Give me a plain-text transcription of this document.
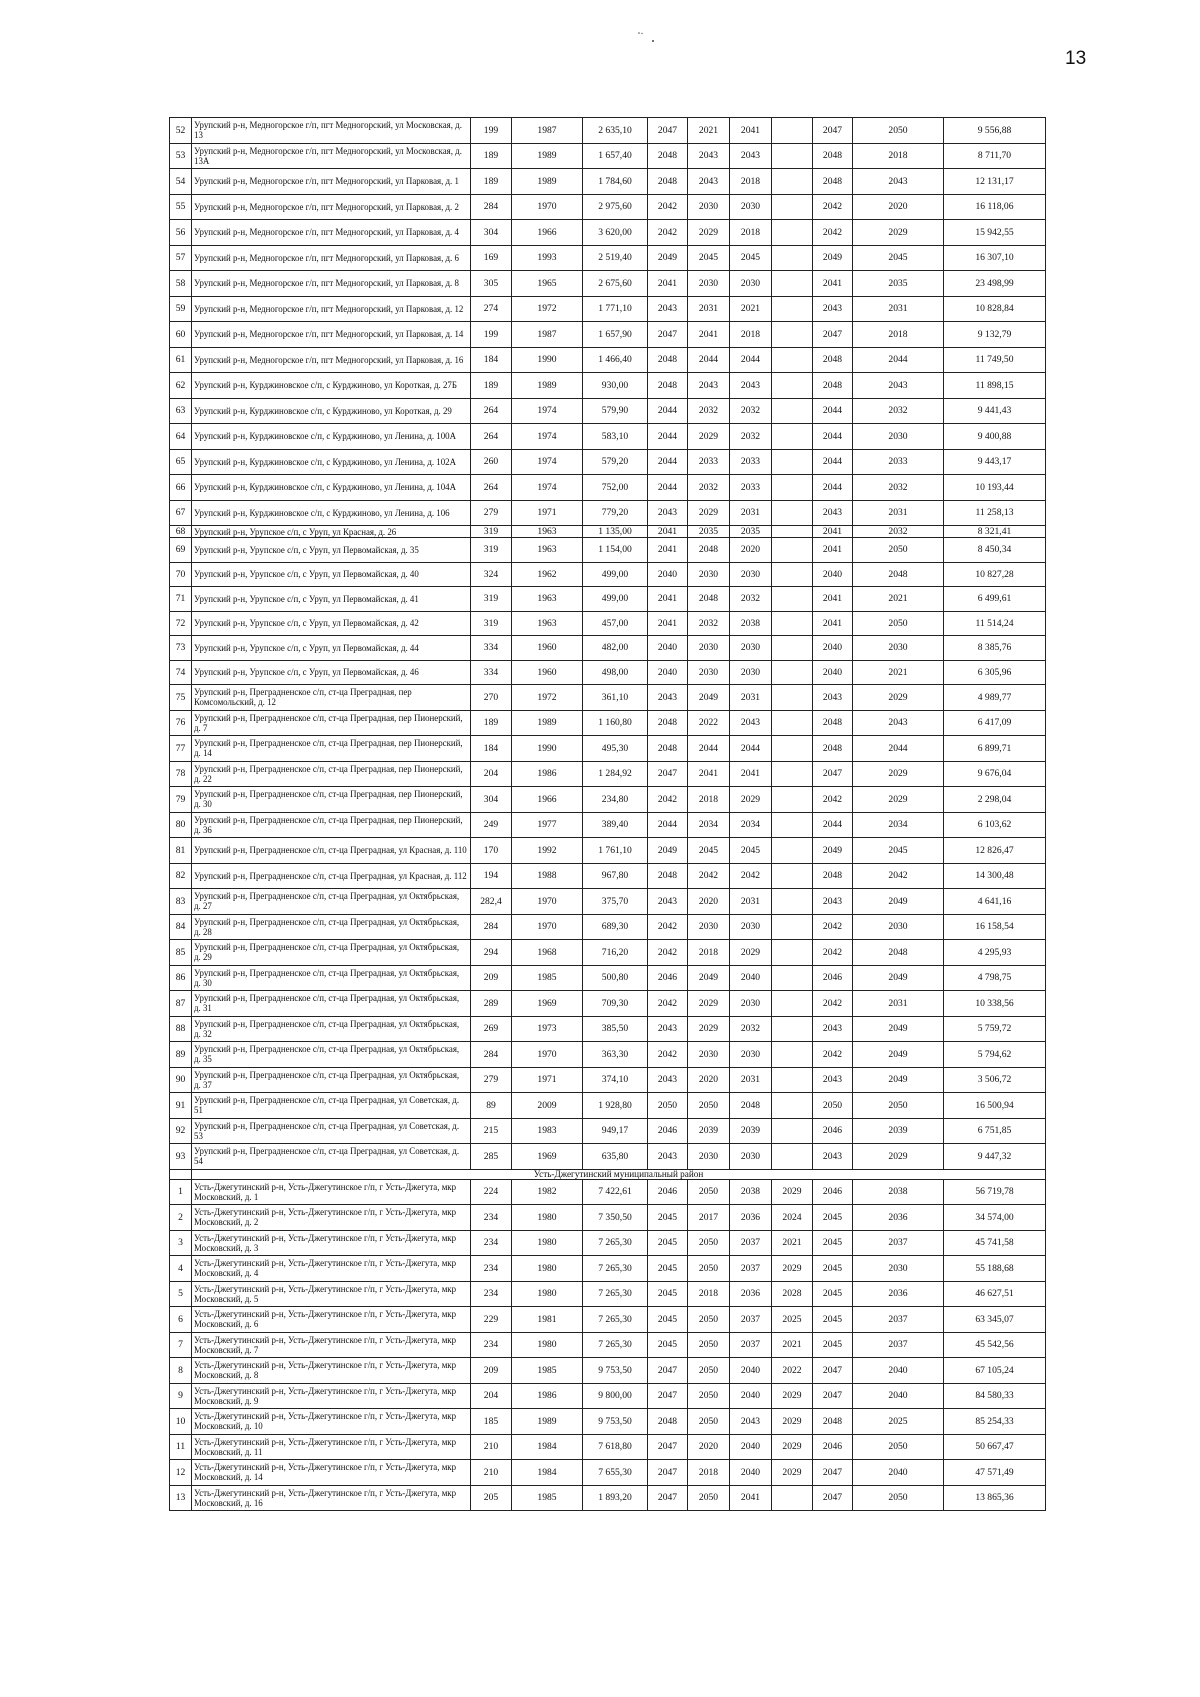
13
52	Урупский р-н, Медногорское г/п, пгт Медногорский, ул Московская, д. 13	199	1987	2 635,10	2047	2021	2041		2047	2050	9 556,88
53	Урупский р-н, Медногорское г/п, пгт Медногорский, ул Московская, д. 13А	189	1989	1 657,40	2048	2043	2043		2048	2018	8 711,70
54	Урупский р-н, Медногорское г/п, пгт Медногорский, ул Парковая, д. 1	189	1989	1 784,60	2048	2043	2018		2048	2043	12 131,17
55	Урупский р-н, Медногорское г/п, пгт Медногорский, ул Парковая, д. 2	284	1970	2 975,60	2042	2030	2030		2042	2020	16 118,06
56	Урупский р-н, Медногорское г/п, пгт Медногорский, ул Парковая, д. 4	304	1966	3 620,00	2042	2029	2018		2042	2029	15 942,55
57	Урупский р-н, Медногорское г/п, пгт Медногорский, ул Парковая, д. 6	169	1993	2 519,40	2049	2045	2045		2049	2045	16 307,10
58	Урупский р-н, Медногорское г/п, пгт Медногорский, ул Парковая, д. 8	305	1965	2 675,60	2041	2030	2030		2041	2035	23 498,99
59	Урупский р-н, Медногорское г/п, пгт Медногорский, ул Парковая, д. 12	274	1972	1 771,10	2043	2031	2021		2043	2031	10 828,84
60	Урупский р-н, Медногорское г/п, пгт Медногорский, ул Парковая, д. 14	199	1987	1 657,90	2047	2041	2018		2047	2018	9 132,79
61	Урупский р-н, Медногорское г/п, пгт Медногорский, ул Парковая, д. 16	184	1990	1 466,40	2048	2044	2044		2048	2044	11 749,50
62	Урупский р-н, Курджиновское с/п, с Курджиново, ул Короткая, д. 27Б	189	1989	930,00	2048	2043	2043		2048	2043	11 898,15
63	Урупский р-н, Курджиновское с/п, с Курджиново, ул Короткая, д. 29	264	1974	579,90	2044	2032	2032		2044	2032	9 441,43
64	Урупский р-н, Курджиновское с/п, с Курджиново, ул Ленина, д. 100А	264	1974	583,10	2044	2029	2032		2044	2030	9 400,88
65	Урупский р-н, Курджиновское с/п, с Курджиново, ул Ленина, д. 102А	260	1974	579,20	2044	2033	2033		2044	2033	9 443,17
66	Урупский р-н, Курджиновское с/п, с Курджиново, ул Ленина, д. 104А	264	1974	752,00	2044	2032	2033		2044	2032	10 193,44
67	Урупский р-н, Курджиновское с/п, с Курджиново, ул Ленина, д. 106	279	1971	779,20	2043	2029	2031		2043	2031	11 258,13
68	Урупский р-н, Урупское с/п, с Уруп, ул Красная, д. 26	319	1963	1 135,00	2041	2035	2035		2041	2032	8 321,41
69	Урупский р-н, Урупское с/п, с Уруп, ул Первомайская, д. 35	319	1963	1 154,00	2041	2048	2020		2041	2050	8 450,34
70	Урупский р-н, Урупское с/п, с Уруп, ул Первомайская, д. 40	324	1962	499,00	2040	2030	2030		2040	2048	10 827,28
71	Урупский р-н, Урупское с/п, с Уруп, ул Первомайская, д. 41	319	1963	499,00	2041	2048	2032		2041	2021	6 499,61
72	Урупский р-н, Урупское с/п, с Уруп, ул Первомайская, д. 42	319	1963	457,00	2041	2032	2038		2041	2050	11 514,24
73	Урупский р-н, Урупское с/п, с Уруп, ул Первомайская, д. 44	334	1960	482,00	2040	2030	2030		2040	2030	8 385,76
74	Урупский р-н, Урупское с/п, с Уруп, ул Первомайская, д. 46	334	1960	498,00	2040	2030	2030		2040	2021	6 305,96
75	Урупский р-н, Преградненское с/п, ст-ца Преградная, пер Комсомольский, д. 12	270	1972	361,10	2043	2049	2031		2043	2029	4 989,77
76	Урупский р-н, Преградненское с/п, ст-ца Преградная, пер Пионерский, д. 7	189	1989	1 160,80	2048	2022	2043		2048	2043	6 417,09
77	Урупский р-н, Преградненское с/п, ст-ца Преградная, пер Пионерский, д. 14	184	1990	495,30	2048	2044	2044		2048	2044	6 899,71
78	Урупский р-н, Преградненское с/п, ст-ца Преградная, пер Пионерский, д. 22	204	1986	1 284,92	2047	2041	2041		2047	2029	9 676,04
79	Урупский р-н, Преградненское с/п, ст-ца Преградная, пер Пионерский, д. 30	304	1966	234,80	2042	2018	2029		2042	2029	2 298,04
80	Урупский р-н, Преградненское с/п, ст-ца Преградная, пер Пионерский, д. 36	249	1977	389,40	2044	2034	2034		2044	2034	6 103,62
81	Урупский р-н, Преградненское с/п, ст-ца Преградная, ул Красная, д. 110	170	1992	1 761,10	2049	2045	2045		2049	2045	12 826,47
82	Урупский р-н, Преградненское с/п, ст-ца Преградная, ул Красная, д. 112	194	1988	967,80	2048	2042	2042		2048	2042	14 300,48
83	Урупский р-н, Преградненское с/п, ст-ца Преградная, ул Октябрьская, д. 27	282,4	1970	375,70	2043	2020	2031		2043	2049	4 641,16
84	Урупский р-н, Преградненское с/п, ст-ца Преградная, ул Октябрьская, д. 28	284	1970	689,30	2042	2030	2030		2042	2030	16 158,54
85	Урупский р-н, Преградненское с/п, ст-ца Преградная, ул Октябрьская, д. 29	294	1968	716,20	2042	2018	2029		2042	2048	4 295,93
86	Урупский р-н, Преградненское с/п, ст-ца Преградная, ул Октябрьская, д. 30	209	1985	500,80	2046	2049	2040		2046	2049	4 798,75
87	Урупский р-н, Преградненское с/п, ст-ца Преградная, ул Октябрьская, д. 31	289	1969	709,30	2042	2029	2030		2042	2031	10 338,56
88	Урупский р-н, Преградненское с/п, ст-ца Преградная, ул Октябрьская, д. 32	269	1973	385,50	2043	2029	2032		2043	2049	5 759,72
89	Урупский р-н, Преградненское с/п, ст-ца Преградная, ул Октябрьская, д. 35	284	1970	363,30	2042	2030	2030		2042	2049	5 794,62
90	Урупский р-н, Преградненское с/п, ст-ца Преградная, ул Октябрьская, д. 37	279	1971	374,10	2043	2020	2031		2043	2049	3 506,72
91	Урупский р-н, Преградненское с/п, ст-ца Преградная, ул Советская, д. 51	89	2009	1 928,80	2050	2050	2048		2050	2050	16 500,94
92	Урупский р-н, Преградненское с/п, ст-ца Преградная, ул Советская, д. 53	215	1983	949,17	2046	2039	2039		2046	2039	6 751,85
93	Урупский р-н, Преградненское с/п, ст-ца Преградная, ул Советская, д. 54	285	1969	635,80	2043	2030	2030		2043	2029	9 447,32
	Усть-Джегутинский муниципальный район										
1	Усть-Джегутинский р-н, Усть-Джегутинское г/п, г Усть-Джегута, мкр Московский, д. 1	224	1982	7 422,61	2046	2050	2038	2029	2046	2038	56 719,78
2	Усть-Джегутинский р-н, Усть-Джегутинское г/п, г Усть-Джегута, мкр Московский, д. 2	234	1980	7 350,50	2045	2017	2036	2024	2045	2036	34 574,00
3	Усть-Джегутинский р-н, Усть-Джегутинское г/п, г Усть-Джегута, мкр Московский, д. 3	234	1980	7 265,30	2045	2050	2037	2021	2045	2037	45 741,58
4	Усть-Джегутинский р-н, Усть-Джегутинское г/п, г Усть-Джегута, мкр Московский, д. 4	234	1980	7 265,30	2045	2050	2037	2029	2045	2030	55 188,68
5	Усть-Джегутинский р-н, Усть-Джегутинское г/п, г Усть-Джегута, мкр Московский, д. 5	234	1980	7 265,30	2045	2018	2036	2028	2045	2036	46 627,51
6	Усть-Джегутинский р-н, Усть-Джегутинское г/п, г Усть-Джегута, мкр Московский, д. 6	229	1981	7 265,30	2045	2050	2037	2025	2045	2037	63 345,07
7	Усть-Джегутинский р-н, Усть-Джегутинское г/п, г Усть-Джегута, мкр Московский, д. 7	234	1980	7 265,30	2045	2050	2037	2021	2045	2037	45 542,56
8	Усть-Джегутинский р-н, Усть-Джегутинское г/п, г Усть-Джегута, мкр Московский, д. 8	209	1985	9 753,50	2047	2050	2040	2022	2047	2040	67 105,24
9	Усть-Джегутинский р-н, Усть-Джегутинское г/п, г Усть-Джегута, мкр Московский, д. 9	204	1986	9 800,00	2047	2050	2040	2029	2047	2040	84 580,33
10	Усть-Джегутинский р-н, Усть-Джегутинское г/п, г Усть-Джегута, мкр Московский, д. 10	185	1989	9 753,50	2048	2050	2043	2029	2048	2025	85 254,33
11	Усть-Джегутинский р-н, Усть-Джегутинское г/п, г Усть-Джегута, мкр Московский, д. 11	210	1984	7 618,80	2047	2020	2040	2029	2046	2050	50 667,47
12	Усть-Джегутинский р-н, Усть-Джегутинское г/п, г Усть-Джегута, мкр Московский, д. 14	210	1984	7 655,30	2047	2018	2040	2029	2047	2040	47 571,49
13	Усть-Джегутинский р-н, Усть-Джегутинское г/п, г Усть-Джегута, мкр Московский, д. 16	205	1985	1 893,20	2047	2050	2041		2047	2050	13 865,36
